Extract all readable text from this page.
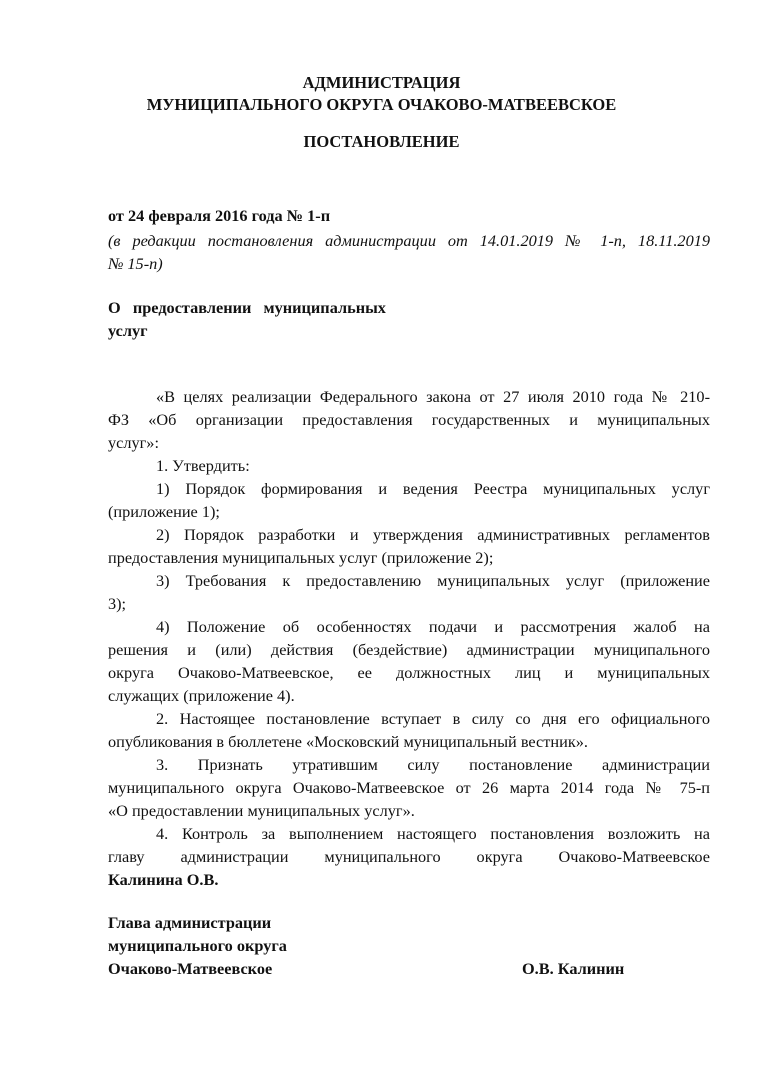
АДМИНИСТРАЦИЯ
МУНИЦИПАЛЬНОГО ОКРУГА ОЧАКОВО-МАТВЕЕВСКОЕ
ПОСТАНОВЛЕНИЕ
от 24 февраля 2016 года № 1-п
(в редакции постановления администрации от 14.01.2019 № 1-п, 18.11.2019
№ 15-п)
О   предоставлении   муниципальных
услуг
«В целях реализации Федерального закона от 27 июля 2010 года № 210-
ФЗ «Об организации предоставления государственных и муниципальных
услуг»:
1. Утвердить:
1) Порядок формирования и ведения Реестра муниципальных услуг
(приложение 1);
2) Порядок разработки и утверждения административных регламентов
предоставления муниципальных услуг (приложение 2);
3) Требования к предоставлению муниципальных услуг (приложение
3);
4) Положение об особенностях подачи и рассмотрения жалоб на
решения и (или) действия (бездействие) администрации муниципального
округа Очаково-Матвеевское, ее должностных лиц и муниципальных
служащих (приложение 4).
2. Настоящее постановление вступает в силу со дня его официального
опубликования в бюллетене «Московский муниципальный вестник».
3.   Признать   утратившим   силу   постановление   администрации
муниципального округа Очаково-Матвеевское от 26 марта 2014 года № 75-п
«О предоставлении муниципальных услуг».
4. Контроль за выполнением настоящего постановления возложить на
главу     администрации     муниципального     округа     Очаково-Матвеевское
Калинина О.В.
Глава администрации
муниципального округа
Очаково-Матвеевское	О.В. Калинин
